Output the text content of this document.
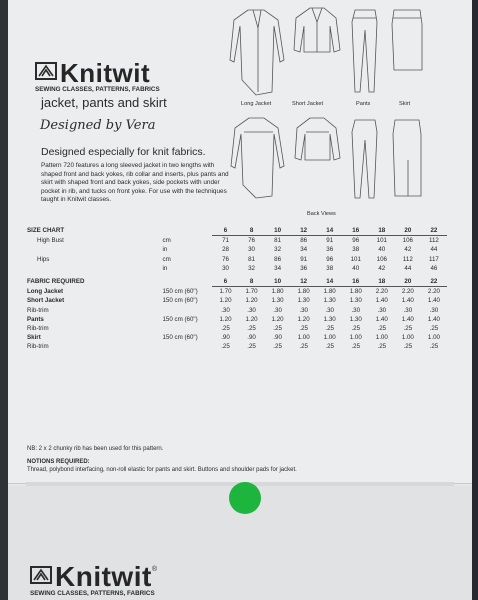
Knitwit
SEWING CLASSES, PATTERNS, FABRICS
jacket, pants and skirt
Designed by Vera
Designed especially for knit fabrics.
Pattern 720 features a long sleeved jacket in two lengths with shaped front and back yokes, rib collar and inserts, plus pants and skirt with shaped front and back yokes, side pockets with under pocket in rib, and tucks on front yoke. For use with the techniques taught in Knitwit classes.
Long Jacket	Short Jacket	Pants	Skirt
Back Views
SIZE CHART		6	8	10	12	14	16	18	20	22
High Bust	cm	71	76	81	86	91	96	101	106	112
	in	28	30	32	34	36	38	40	42	44
Hips	cm	76	81	86	91	96	101	106	112	117
	in	30	32	34	36	38	40	42	44	46

FABRIC REQUIRED		6	8	10	12	14	16	18	20	22
Long Jacket	150 cm (60")	1.70	1.70	1.80	1.80	1.80	1.80	2.20	2.20	2.20
Short Jacket	150 cm (60")	1.20	1.20	1.30	1.30	1.30	1.30	1.40	1.40	1.40
Rib-trim		.30	.30	.30	.30	.30	.30	.30	.30	.30
Pants	150 cm (60")	1.20	1.20	1.20	1.20	1.30	1.30	1.40	1.40	1.40
Rib-trim		.25	.25	.25	.25	.25	.25	.25	.25	.25
Skirt	150 cm (60")	.90	.90	.90	1.00	1.00	1.00	1.00	1.00	1.00
Rib-trim		.25	.25	.25	.25	.25	.25	.25	.25	.25
NB: 2 x 2 chunky rib has been used for this pattern.
NOTIONS REQUIRED:
Thread, polybond interfacing, non-roll elastic for pants and skirt. Buttons and shoulder pads for jacket.
Knitwit ®
SEWING CLASSES, PATTERNS, FABRICS
